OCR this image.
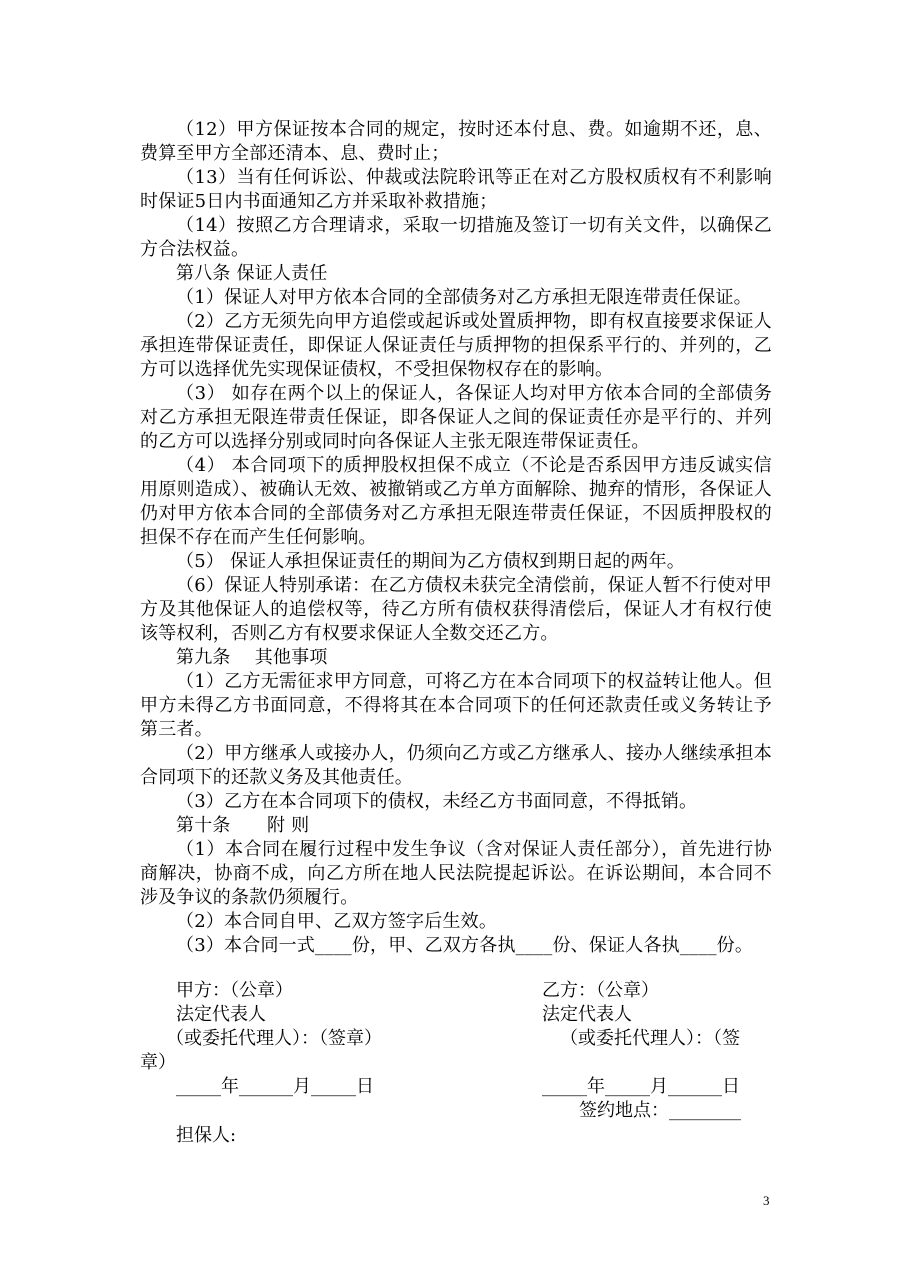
（12）甲方保证按本合同的规定，按时还本付息、费。如逾期不还，息、费算至甲方全部还清本、息、费时止；

（13）当有任何诉讼、仲裁或法院聆讯等正在对乙方股权质权有不利影响时保证5日内书面通知乙方并采取补救措施；

（14）按照乙方合理请求，采取一切措施及签订一切有关文件，以确保乙方合法权益。

第八条 保证人责任

（1）保证人对甲方依本合同的全部债务对乙方承担无限连带责任保证。

（2）乙方无须先向甲方追偿或起诉或处置质押物，即有权直接要求保证人承担连带保证责任，即保证人保证责任与质押物的担保系平行的、并列的，乙方可以选择优先实现保证债权，不受担保物权存在的影响。

（3） 如存在两个以上的保证人，各保证人均对甲方依本合同的全部债务对乙方承担无限连带责任保证，即各保证人之间的保证责任亦是平行的、并列的乙方可以选择分别或同时向各保证人主张无限连带保证责任。

（4） 本合同项下的质押股权担保不成立（不论是否系因甲方违反诚实信用原则造成）、被确认无效、被撤销或乙方单方面解除、抛弃的情形，各保证人仍对甲方依本合同的全部债务对乙方承担无限连带责任保证，不因质押股权的担保不存在而产生任何影响。

（5） 保证人承担保证责任的期间为乙方债权到期日起的两年。

（6）保证人特别承诺：在乙方债权未获完全清偿前，保证人暂不行使对甲方及其他保证人的追偿权等，待乙方所有债权获得清偿后，保证人才有权行使该等权利，否则乙方有权要求保证人全数交还乙方。

第九条　 其他事项

（1）乙方无需征求甲方同意，可将乙方在本合同项下的权益转让他人。但甲方未得乙方书面同意，不得将其在本合同项下的任何还款责任或义务转让予第三者。

（2）甲方继承人或接办人，仍须向乙方或乙方继承人、接办人继续承担本合同项下的还款义务及其他责任。

（3）乙方在本合同项下的债权，未经乙方书面同意，不得抵销。

第十条　　附 则

（1）本合同在履行过程中发生争议（含对保证人责任部分），首先进行协商解决，协商不成，向乙方所在地人民法院提起诉讼。在诉讼期间，本合同不涉及争议的条款仍须履行。

（2）本合同自甲、乙双方签字后生效。

（3）本合同一式____份，甲、乙双方各执____份、保证人各执____份。

甲方：（公章）
法定代表人
（或委托代理人）：（签章）
_____年______月_____日
乙方：（公章）
法定代表人
（或委托代理人）：（签
章）
_____年_____月______日
签约地点：________
担保人:
3
